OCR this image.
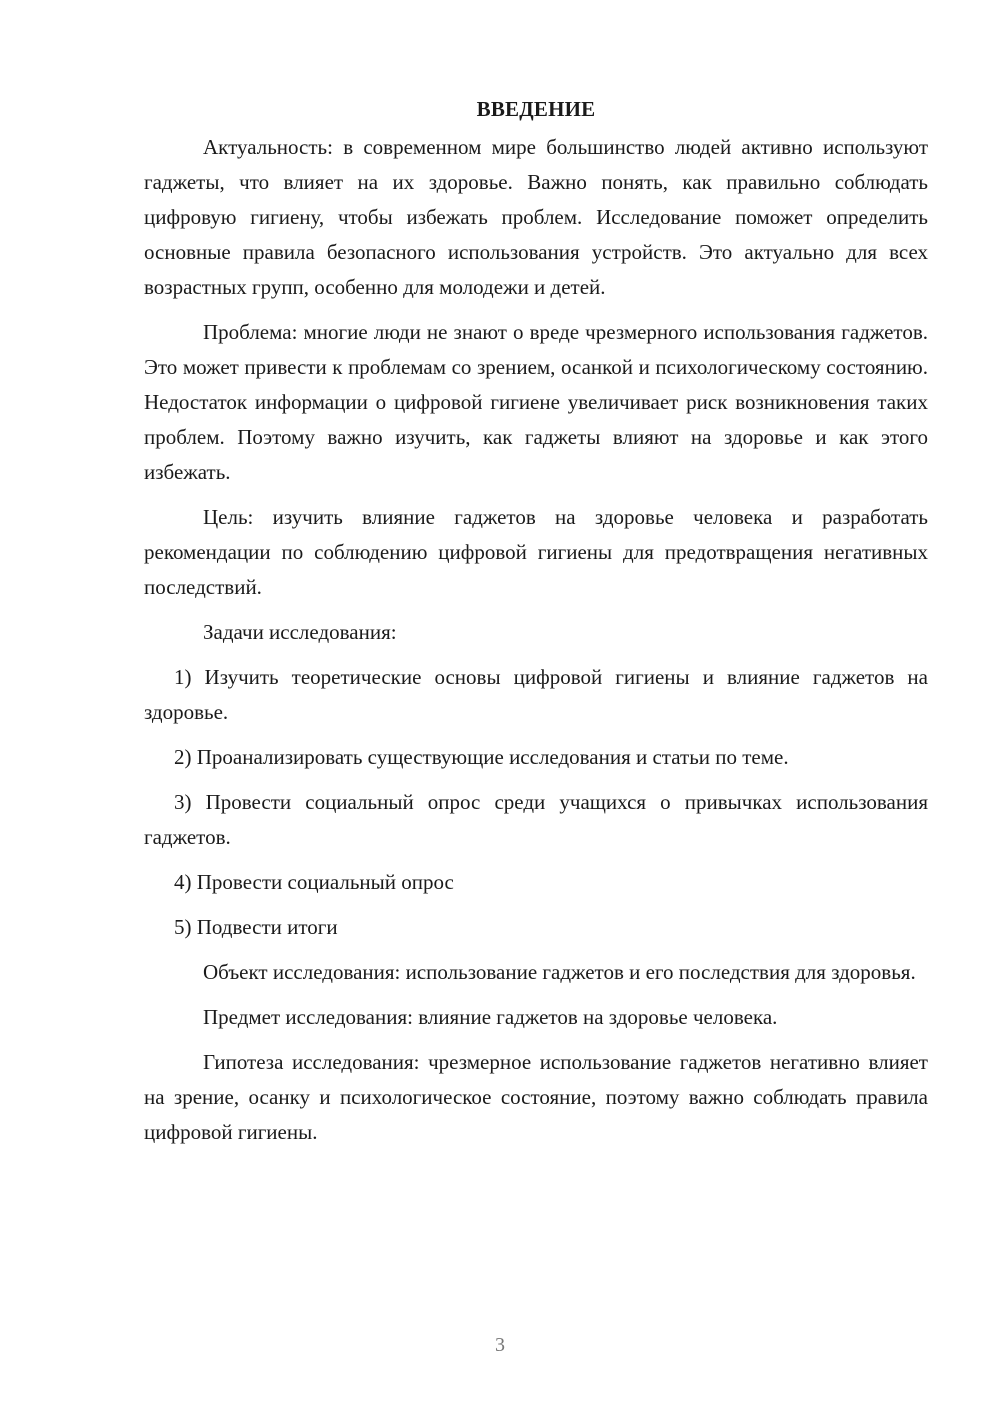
ВВЕДЕНИЕ

Актуальность: в современном мире большинство людей активно используют гаджеты, что влияет на их здоровье. Важно понять, как правильно соблюдать цифровую гигиену, чтобы избежать проблем. Исследование поможет определить основные правила безопасного использования устройств. Это актуально для всех возрастных групп, особенно для молодежи и детей.

Проблема: многие люди не знают о вреде чрезмерного использования гаджетов. Это может привести к проблемам со зрением, осанкой и психологическому состоянию. Недостаток информации о цифровой гигиене увеличивает риск возникновения таких проблем. Поэтому важно изучить, как гаджеты влияют на здоровье и как этого избежать.

Цель: изучить влияние гаджетов на здоровье человека и разработать рекомендации по соблюдению цифровой гигиены для предотвращения негативных последствий.

Задачи исследования:

1) Изучить теоретические основы цифровой гигиены и влияние гаджетов на здоровье.

2) Проанализировать существующие исследования и статьи по теме.

3) Провести социальный опрос среди учащихся о привычках использования гаджетов.

4) Провести социальный опрос

5) Подвести итоги

Объект исследования: использование гаджетов и его последствия для здоровья.

Предмет исследования: влияние гаджетов на здоровье человека.

Гипотеза исследования: чрезмерное использование гаджетов негативно влияет на зрение, осанку и психологическое состояние, поэтому важно соблюдать правила цифровой гигиены.

3
